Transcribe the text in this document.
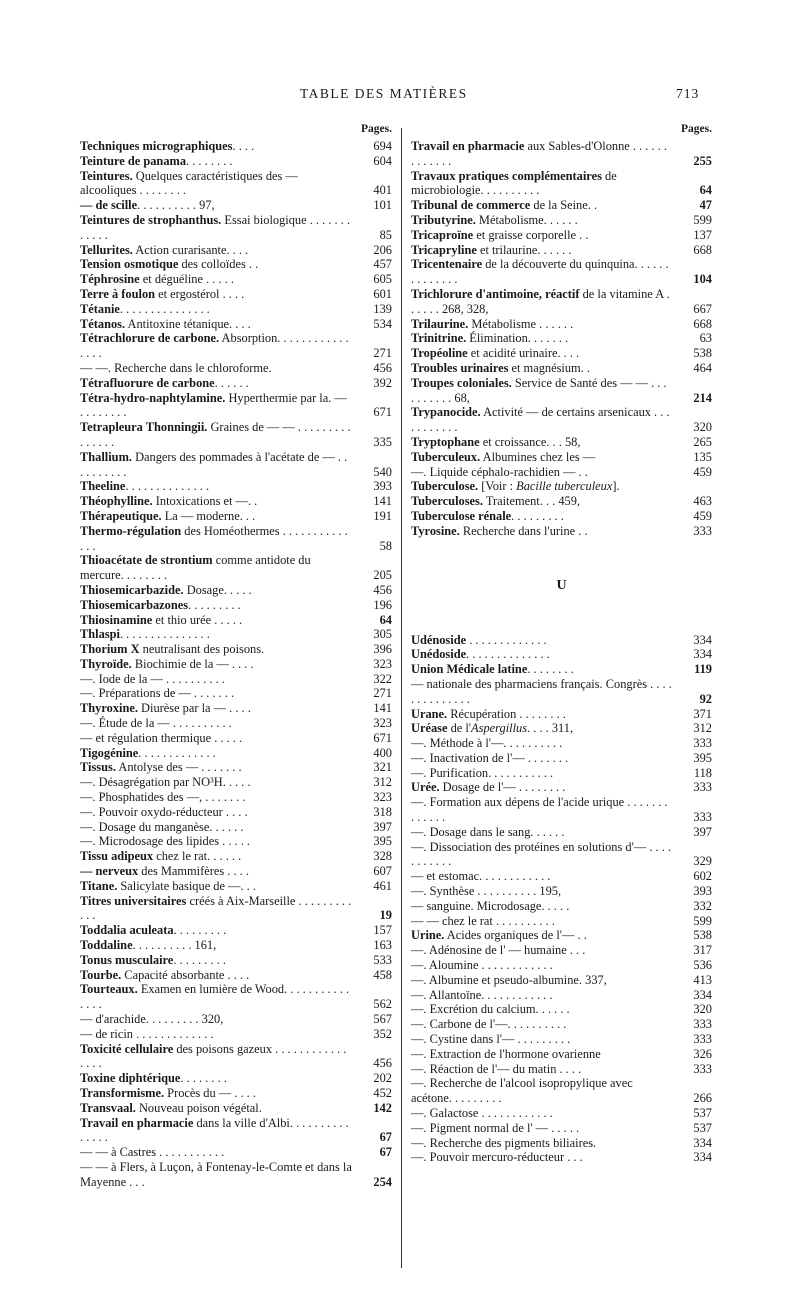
TABLE DES MATIÈRES	713
Pages.
Techniques micrographiques. . . .	694
Teinture de panama. . . . . . . .	604
Teintures. Quelques caractéristiques des — alcooliques . . . . . . . .	401
— de scille. . . . . . . . . . 97,	101
Teintures de strophanthus. Essai biologique . . . . . . . . . . . .	85
Tellurites. Action curarisante. . . .	206
Tension osmotique des colloïdes . .	457
Téphrosine et déguéline . . . . .	605
Terre à foulon et ergostérol . . . .	601
Tétanie. . . . . . . . . . . . . . .	139
Tétanos. Antitoxine tétanique. . . .	534
Tétrachlorure de carbone. Absorption. . . . . . . . . . . . . . . .	271
— —. Recherche dans le chloroforme.	456
Tétrafluorure de carbone. . . . . .	392
Tétra-hydro-naphtylamine. Hyperthermie par la. — . . . . . . . .	671
Tetrapleura Thonningii. Graines de — — . . . . . . . . . . . . . . .	335
Thallium. Dangers des pommades à l'acétate de — . . . . . . . . . .	540
Theeline. . . . . . . . . . . . . .	393
Théophylline. Intoxications et —. .	141
Thérapeutique. La — moderne. . .	191
Thermo-régulation des Homéothermes . . . . . . . . . . . . . .	58
Thioacétate de strontium comme antidote du mercure. . . . . . . .	205
Thiosemicarbazide. Dosage. . . . .	456
Thiosemicarbazones. . . . . . . . .	196
Thiosinamine et thio urée . . . . .	64
Thlaspi. . . . . . . . . . . . . . .	305
Thorium X neutralisant des poisons.	396
Thyroïde. Biochimie de la — . . . .	323
—. Iode de la — . . . . . . . . . .	322
—. Préparations de — . . . . . . .	271
Thyroxine. Diurèse par la — . . . .	141
—. Étude de la — . . . . . . . . . .	323
— et régulation thermique . . . . .	671
Tigogénine. . . . . . . . . . . . .	400
Tissus. Antolyse des — . . . . . . .	321
—. Désagrégation par NO³H. . . . .	312
—. Phosphatides des —, . . . . . . .	323
—. Pouvoir oxydo-réducteur . . . .	318
—. Dosage du manganèse. . . . . .	397
—. Microdosage des lipides . . . . .	395
Tissu adipeux chez le rat. . . . . .	328
— nerveux des Mammifères . . . .	607
Titane. Salicylate basique de —. . .	461
Titres universitaires créés à Aix-Marseille . . . . . . . . . . . .	19
Toddalia aculeata. . . . . . . . .	157
Toddaline. . . . . . . . . . 161,	163
Tonus musculaire. . . . . . . . .	533
Tourbe. Capacité absorbante . . . .	458
Tourteaux. Examen en lumière de Wood. . . . . . . . . . . . . . .	562
— d'arachide. . . . . . . . . 320,	567
— de ricin . . . . . . . . . . . . .	352
Toxicité cellulaire des poisons gazeux . . . . . . . . . . . . . . . .	456
Toxine diphtérique. . . . . . . .	202
Transformisme. Procès du — . . . .	452
Transvaal. Nouveau poison végétal.	142
Travail en pharmacie dans la ville d'Albi. . . . . . . . . . . . . . .	67
— — à Castres . . . . . . . . . . .	67
— — à Flers, à Luçon, à Fontenay-le-Comte et dans la Mayenne . . .	254
Pages.
Travail en pharmacie aux Sables-d'Olonne . . . . . . . . . . . . .	255
Travaux pratiques complémentaires de microbiologie. . . . . . . . . .	64
Tribunal de commerce de la Seine. .	47
Tributyrine. Métabolisme. . . . . .	599
Tricaproïne et graisse corporelle . .	137
Tricapryline et trilaurine. . . . . .	668
Tricentenaire de la découverte du quinquina. . . . . . . . . . . . . .	104
Trichlorure d'antimoine, réactif de la vitamine A . . . . . . 268, 328,	667
Trilaurine. Métabolisme . . . . . .	668
Trinitrine. Élimination. . . . . . .	63
Tropéoline et acidité urinaire. . . .	538
Troubles urinaires et magnésium. .	464
Troupes coloniales. Service de Santé des — — . . . . . . . . . . 68,	214
Trypanocide. Activité — de certains arsenicaux . . . . . . . . . . .	320
Tryptophane et croissance. . . 58,	265
Tuberculeux. Albumines chez les —	135
—. Liquide céphalo-rachidien — . .	459
Tuberculose. [Voir : Bacille tuberculeux].
Tuberculoses. Traitement. . . 459,	463
Tuberculose rénale. . . . . . . . .	459
Tyrosine. Recherche dans l'urine . .	333
U
Udénoside . . . . . . . . . . . . .	334
Unédoside. . . . . . . . . . . . . .	334
Union Médicale latine. . . . . . . .	119
— nationale des pharmaciens français. Congrès . . . . . . . . . . . . . .	92
Urane. Récupération . . . . . . . .	371
Uréase de l'Aspergillus. . . . 311,	312
—. Méthode à l'—. . . . . . . . . .	333
—. Inactivation de l'— . . . . . . .	395
—. Purification. . . . . . . . . . .	118
Urée. Dosage de l'— . . . . . . . .	333
—. Formation aux dépens de l'acide urique . . . . . . . . . . . . .	333
—. Dosage dans le sang. . . . . .	397
—. Dissociation des protéines en solutions d'— . . . . . . . . . . .	329
— et estomac. . . . . . . . . . . .	602
—. Synthèse . . . . . . . . . . 195,	393
— sanguine. Microdosage. . . . .	332
— — chez le rat . . . . . . . . . .	599
Urine. Acides organiques de l'— . .	538
—. Adénosine de l' — humaine . . .	317
—. Aloumine . . . . . . . . . . . .	536
—. Albumine et pseudo-albumine. 337,	413
—. Allantoïne. . . . . . . . . . . .	334
—. Excrétion du calcium. . . . . .	320
—. Carbone de l'—. . . . . . . . . .	333
—. Cystine dans l'— . . . . . . . . .	333
—. Extraction de l'hormone ovarienne	326
—. Réaction de l'— du matin . . . .	333
—. Recherche de l'alcool isopropylique avec acétone. . . . . . . . .	266
—. Galactose . . . . . . . . . . . .	537
—. Pigment normal de l' — . . . . .	537
—. Recherche des pigments biliaires.	334
—. Pouvoir mercuro-réducteur . . .	334
